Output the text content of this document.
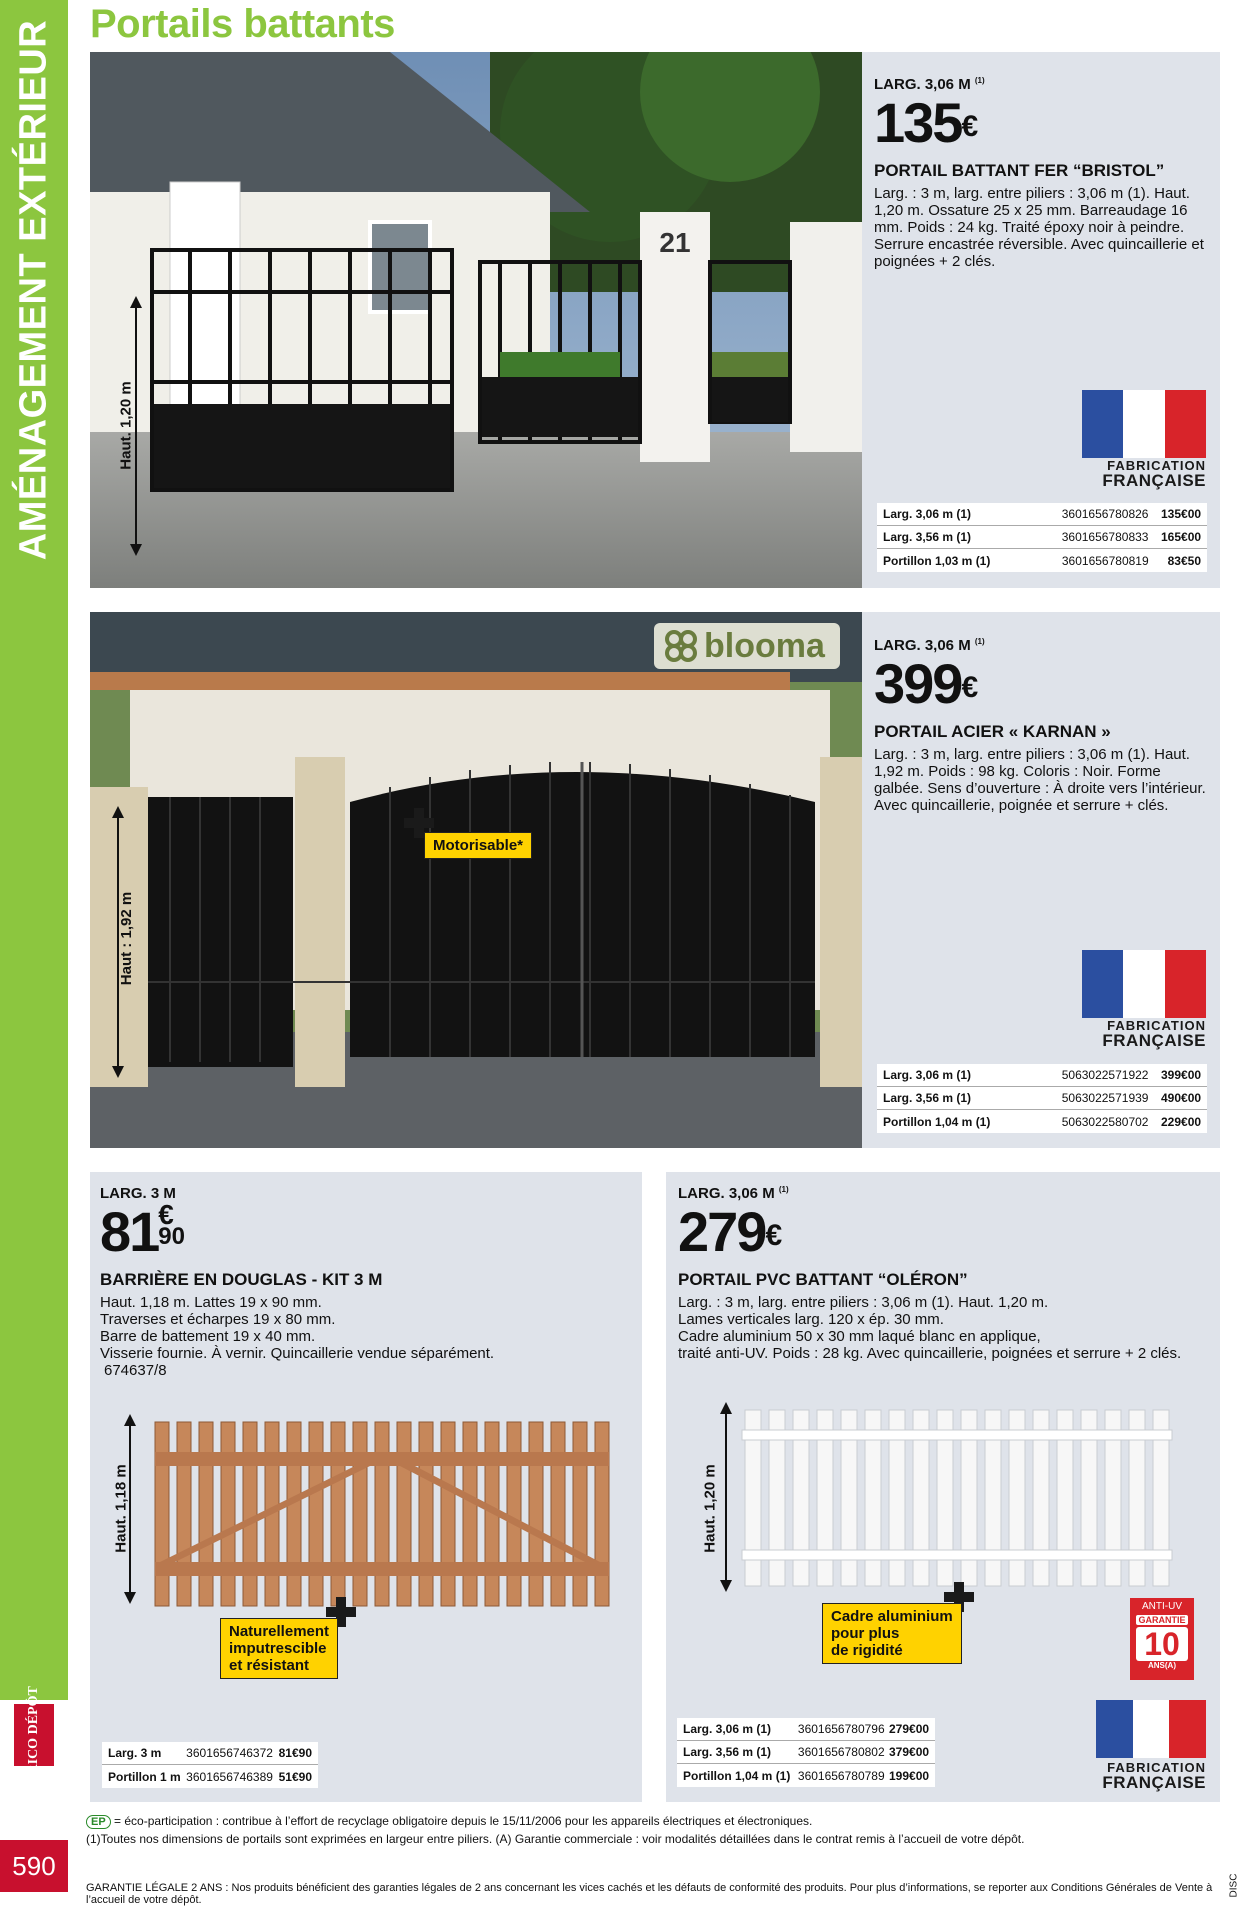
AMÉNAGEMENT EXTÉRIEUR
BRICO DÉPÔT
590
Portails battants
21
Haut. 1,20 m
LARG. 3,06 M $^{(1)}$
135€
PORTAIL BATTANT FER “BRISTOL”
Larg. : 3 m, larg. entre piliers : 3,06 m (1). Haut. 1,20 m. Ossature 25 x 25 mm. Barreaudage 16 mm. Poids : 24 kg. Traité époxy noir à peindre. Serrure encastrée réversible. Avec quincaillerie et poignées + 2 clés.
FABRICATION
FRANÇAISE
Larg. 3,06 m (1)	3601656780826	135€00
Larg. 3,56 m (1)	3601656780833	165€00
Portillon 1,03 m (1)	3601656780819	83€50
Haut : 1,92 m
blooma
Motorisable*
LARG. 3,06 M $^{(1)}$
399€
PORTAIL ACIER « KARNAN »
Larg. : 3 m, larg. entre piliers : 3,06 m (1). Haut. 1,92 m. Poids : 98 kg. Coloris : Noir. Forme galbée. Sens d’ouverture : À droite vers l’intérieur. Avec quincaillerie, poignée et serrure + clés.
FABRICATION
FRANÇAISE
Larg. 3,06 m (1)	5063022571922	399€00
Larg. 3,56 m (1)	5063022571939	490€00
Portillon 1,04 m (1)	5063022580702	229€00
LARG. 3 M
81 €
90
BARRIÈRE EN DOUGLAS - KIT 3 M
Haut. 1,18 m. Lattes 19 x 90 mm.
Traverses et écharpes 19 x 80 mm.
Barre de battement 19 x 40 mm.
Visserie fournie. À vernir. Quincaillerie vendue séparément.
674637/8
Haut. 1,18 m
Naturellement
imputrescible
et résistant
Larg. 3 m	3601656746372 81€90
Portillon 1 m 3601656746389 51€90
LARG. 3,06 M $^{(1)}$
279€
PORTAIL PVC BATTANT “OLÉRON”
Larg. : 3 m, larg. entre piliers : 3,06 m (1). Haut. 1,20 m.
Lames verticales larg. 120 x ép. 30 mm.
Cadre aluminium 50 x 30 mm laqué blanc en applique,
traité anti-UV. Poids : 28 kg. Avec quincaillerie, poignées et serrure + 2 clés.
Haut. 1,20 m
Cadre aluminium
pour plus
de rigidité
ANTI-UV
GARANTIE
10
ANS(A)
FABRICATION
FRANÇAISE
Larg. 3,06 m (1)	3601656780796 279€00
Larg. 3,56 m (1)	3601656780802 379€00
Portillon 1,04 m (1) 3601656780789 199€00
EP = éco-participation : contribue à l’effort de recyclage obligatoire depuis le 15/11/2006 pour les appareils électriques et électroniques.
(1)Toutes nos dimensions de portails sont exprimées en largeur entre piliers. (A) Garantie commerciale : voir modalités détaillées dans le contrat remis à l’accueil de votre dépôt.
GARANTIE LÉGALE 2 ANS : Nos produits bénéficient des garanties légales de 2 ans concernant les vices cachés et les défauts de conformité des produits. Pour plus d’informations, se reporter aux Conditions Générales de Vente à l’accueil de votre dépôt.
DISC
